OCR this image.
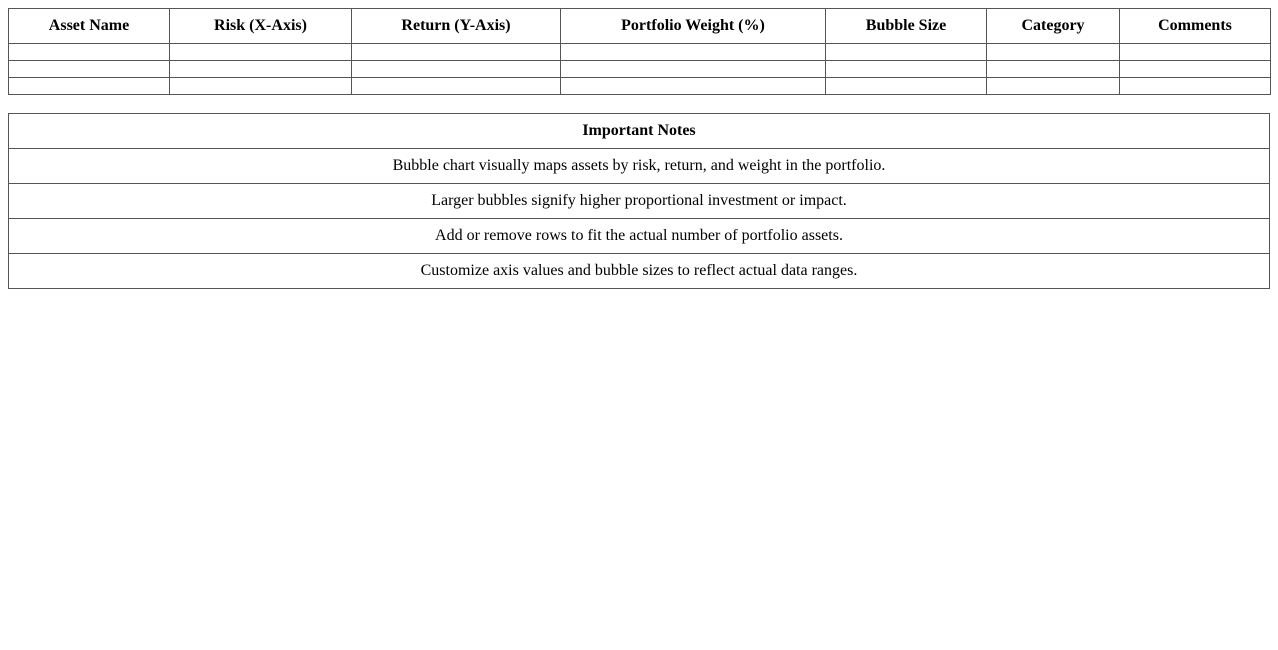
Asset Name	Risk (X-Axis)	Return (Y-Axis)	Portfolio Weight (%)	Bubble Size	Category	Comments

Important Notes
Bubble chart visually maps assets by risk, return, and weight in the portfolio.
Larger bubbles signify higher proportional investment or impact.
Add or remove rows to fit the actual number of portfolio assets.
Customize axis values and bubble sizes to reflect actual data ranges.
